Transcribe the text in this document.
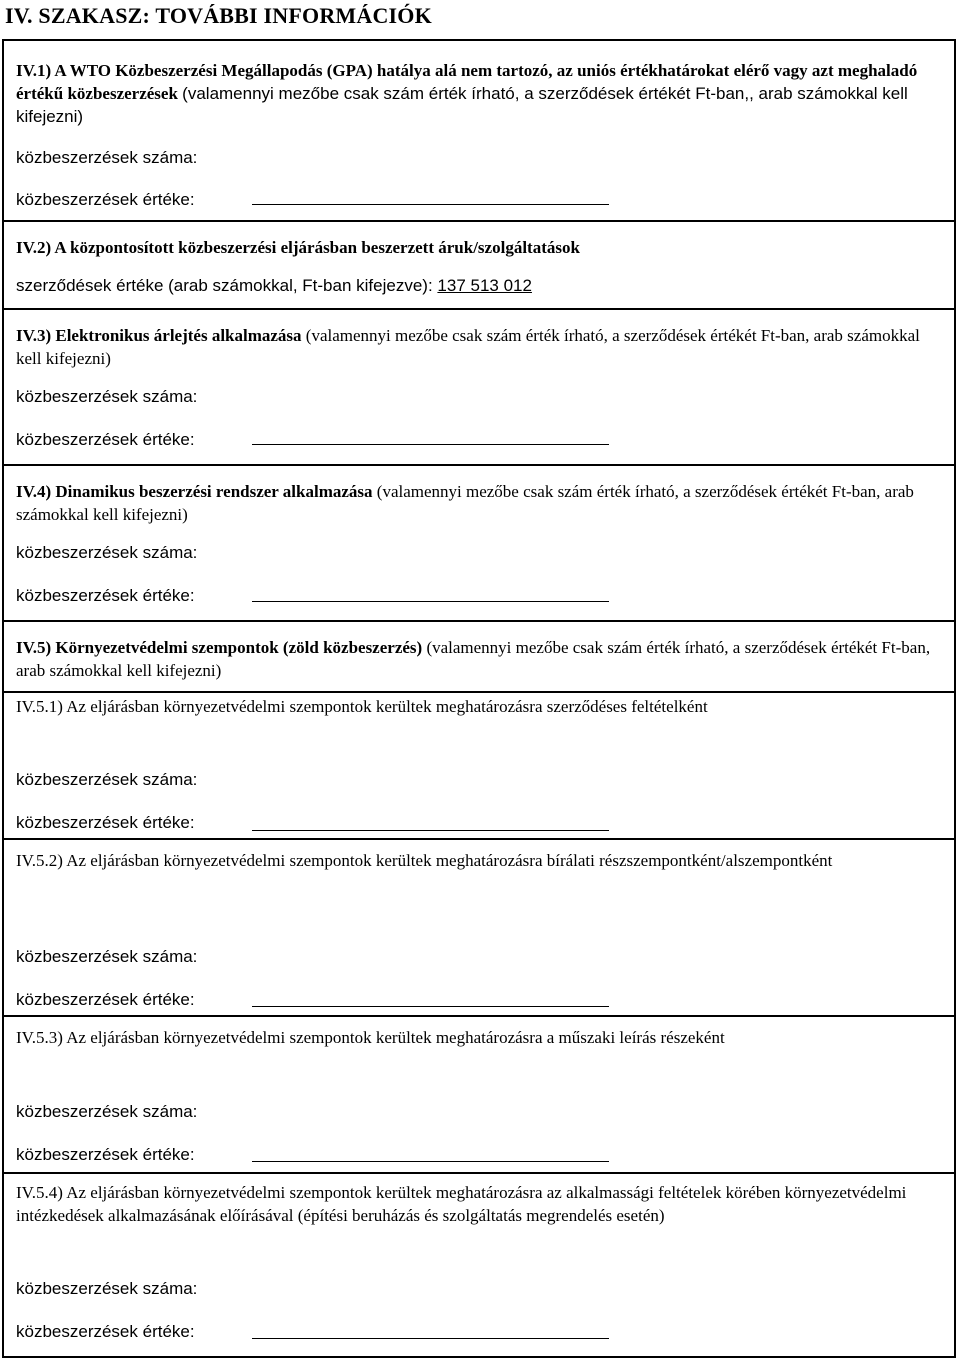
IV. SZAKASZ: TOVÁBBI INFORMÁCIÓK
IV.1) A WTO Közbeszerzési Megállapodás (GPA) hatálya alá nem tartozó, az uniós értékhatárokat elérő vagy azt meghaladó értékű közbeszerzések (valamennyi mezőbe csak szám érték írható, a szerződések értékét Ft-ban,, arab számokkal kell kifejezni)
közbeszerzések száma:
közbeszerzések értéke:
IV.2) A központosított közbeszerzési eljárásban beszerzett áruk/szolgáltatások
szerződések értéke (arab számokkal, Ft-ban kifejezve): 137 513 012
IV.3) Elektronikus árlejtés alkalmazása (valamennyi mezőbe csak szám érték írható, a szerződések értékét Ft-ban, arab számokkal kell kifejezni)
közbeszerzések száma:
közbeszerzések értéke:
IV.4) Dinamikus beszerzési rendszer alkalmazása (valamennyi mezőbe csak szám érték írható, a szerződések értékét Ft-ban, arab számokkal kell kifejezni)
közbeszerzések száma:
közbeszerzések értéke:
IV.5) Környezetvédelmi szempontok (zöld közbeszerzés) (valamennyi mezőbe csak szám érték írható, a szerződések értékét Ft-ban, arab számokkal kell kifejezni)
IV.5.1) Az eljárásban környezetvédelmi szempontok kerültek meghatározásra szerződéses feltételként
közbeszerzések száma:
közbeszerzések értéke:
IV.5.2) Az eljárásban környezetvédelmi szempontok kerültek meghatározásra bírálati részszempontként/alszempontként
közbeszerzések száma:
közbeszerzések értéke:
IV.5.3) Az eljárásban környezetvédelmi szempontok kerültek meghatározásra a műszaki leírás részeként
közbeszerzések száma:
közbeszerzések értéke:
IV.5.4) Az eljárásban környezetvédelmi szempontok kerültek meghatározásra az alkalmassági feltételek körében környezetvédelmi intézkedések alkalmazásának előírásával (építési beruházás és szolgáltatás megrendelés esetén)
közbeszerzések száma:
közbeszerzések értéke:
